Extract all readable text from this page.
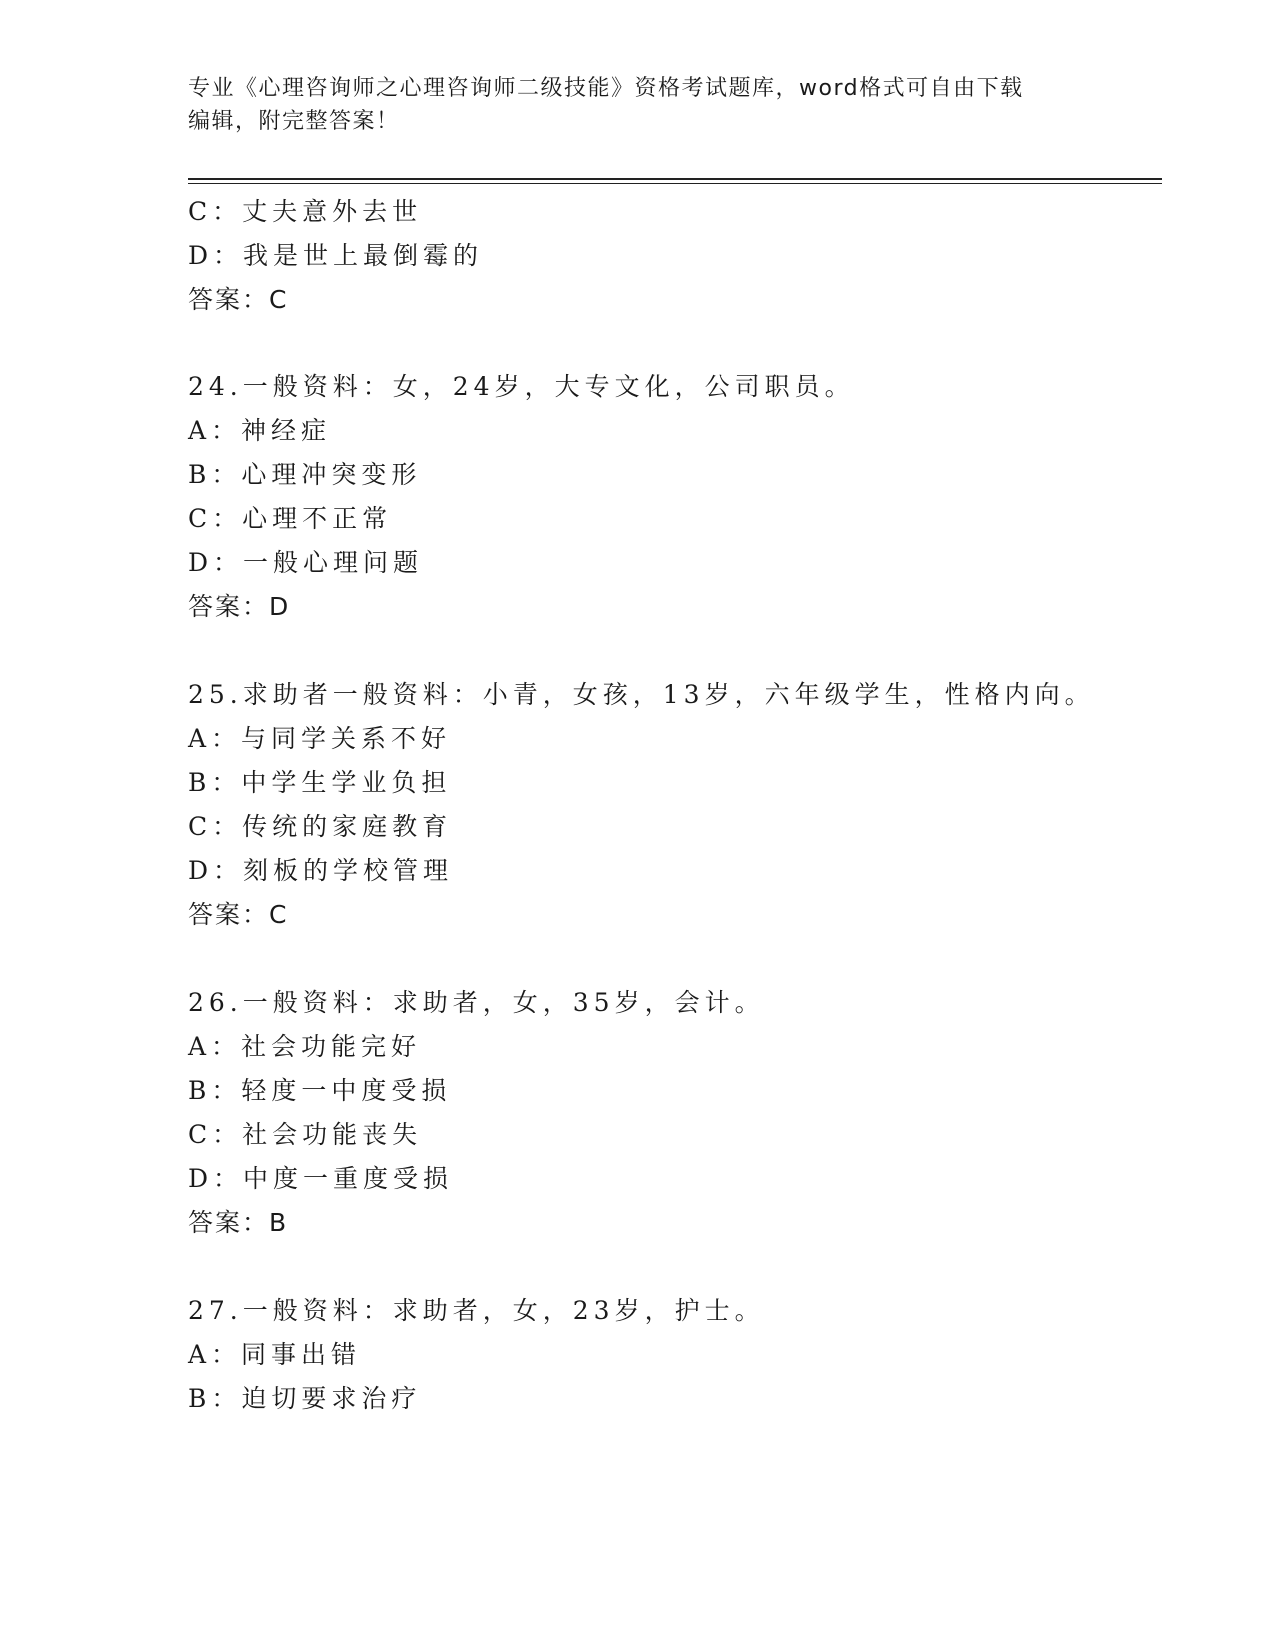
专业《心理咨询师之心理咨询师二级技能》资格考试题库，word格式可自由下载
编辑，附完整答案！
C：丈夫意外去世
D：我是世上最倒霉的
答案：C
24.一般资料：女，24岁，大专文化，公司职员。
A：神经症
B：心理冲突变形
C：心理不正常
D：一般心理问题
答案：D
25.求助者一般资料：小青，女孩，13岁，六年级学生，性格内向。
A：与同学关系不好
B：中学生学业负担
C：传统的家庭教育
D：刻板的学校管理
答案：C
26.一般资料：求助者，女，35岁，会计。
A：社会功能完好
B：轻度一中度受损
C：社会功能丧失
D：中度一重度受损
答案：B
27.一般资料：求助者，女，23岁，护士。
A：同事出错
B：迫切要求治疗
